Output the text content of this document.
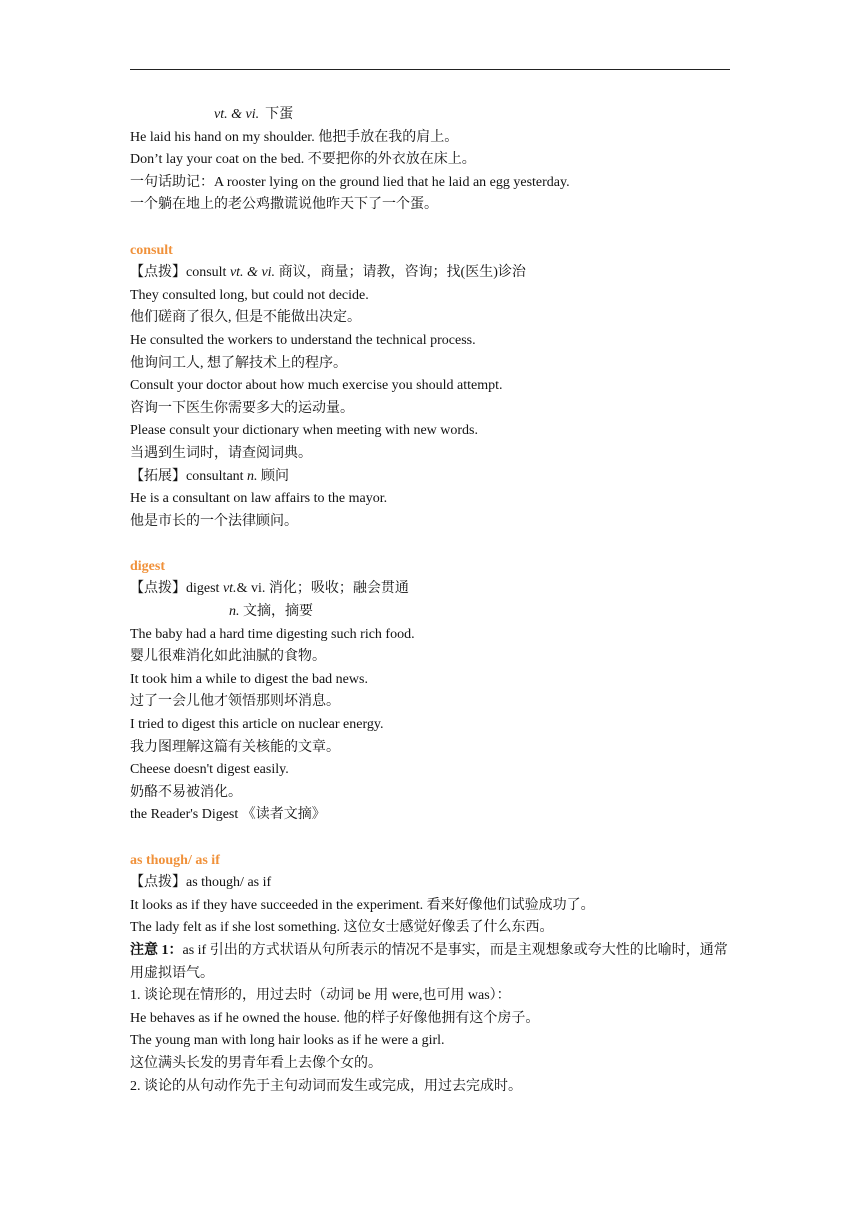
vt. & vi. 下蛋
He laid his hand on my shoulder. 他把手放在我的肩上。
Don’t lay your coat on the bed. 不要把你的外衣放在床上。
一句话助记：A rooster lying on the ground lied that he laid an egg yesterday.
一个躺在地上的老公鸡撒谎说他昨天下了一个蛋。
consult
【点拨】consult vt. & vi. 商议，商量；请教，咨询；找(医生)诊治
They consulted long, but could not decide.
他们磋商了很久, 但是不能做出决定。
He consulted the workers to understand the technical process.
他询问工人, 想了解技术上的程序。
Consult your doctor about how much exercise you should attempt.
咨询一下医生你需要多大的运动量。
Please consult your dictionary when meeting with new words.
当遇到生词时，请查阅词典。
【拓展】consultant n. 顾问
He is a consultant on law affairs to the mayor.
他是市长的一个法律顾问。
digest
【点拨】digest vt.& vi. 消化；吸收；融会贯通
n. 文摘，摘要
The baby had a hard time digesting such rich food.
婴儿很难消化如此油腻的食物。
It took him a while to digest the bad news.
过了一会儿他才领悟那则坏消息。
I tried to digest this article on nuclear energy.
我力图理解这篇有关核能的文章。
Cheese doesn't digest easily.
奶酪不易被消化。
the Reader's Digest 《读者文摘》
as though/ as if
【点拨】as though/ as if
It looks as if they have succeeded in the experiment. 看来好像他们试验成功了。
The lady felt as if she lost something. 这位女士感觉好像丢了什么东西。
注意 1：as if 引出的方式状语从句所表示的情况不是事实，而是主观想象或夸大性的比喻时，通常用虚拟语气。
1. 谈论现在情形的，用过去时（动词 be 用 were,也可用 was）：
He behaves as if he owned the house. 他的样子好像他拥有这个房子。
The young man with long hair looks as if he were a girl.
这位满头长发的男青年看上去像个女的。
2. 谈论的从句动作先于主句动词而发生或完成，用过去完成时。
